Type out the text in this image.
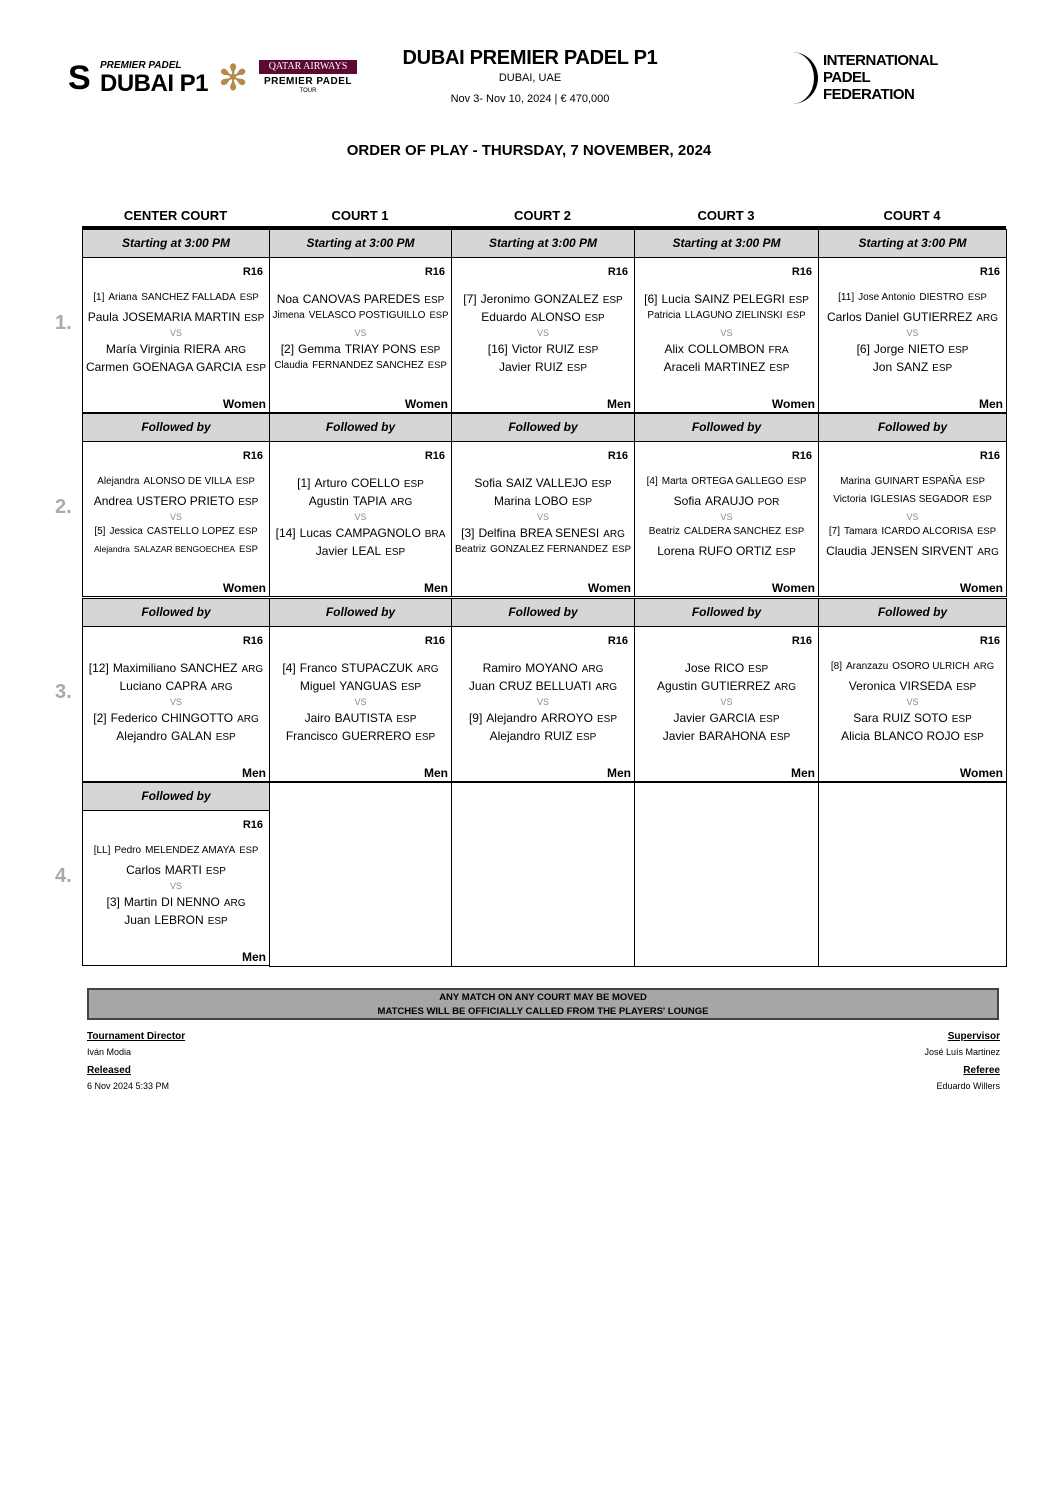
S PREMIER PADEL
DUBAI P1 ✻	QATAR AIRWAYS
PREMIER PADEL
TOUR
DUBAI PREMIER PADEL P1
DUBAI, UAE
Nov 3- Nov 10, 2024 | € 470,000
INTERNATIONAL
PADEL
FEDERATION
ORDER OF PLAY - THURSDAY, 7 NOVEMBER, 2024
CENTER COURT	COURT 1	COURT 2	COURT 3	COURT 4
1.
Starting at 3:00 PM
R16
[1] Ariana SANCHEZ FALLADA ESP
Paula JOSEMARIA MARTIN ESP
María Virginia RIERA ARG
Carmen GOENAGA GARCIA ESP
VS
Women
Starting at 3:00 PM
R16
Noa CANOVAS PAREDES ESP
Jimena VELASCO POSTIGUILLO ESP
[2] Gemma TRIAY PONS ESP
Claudia FERNANDEZ SANCHEZ ESP
VS
Women
Starting at 3:00 PM
R16
[7] Jeronimo GONZALEZ ESP
Eduardo ALONSO ESP
[16] Victor RUIZ ESP
Javier RUIZ ESP
VS
Men
Starting at 3:00 PM
R16
[6] Lucia SAINZ PELEGRI ESP
Patricia LLAGUNO ZIELINSKI ESP
Alix COLLOMBON FRA
Araceli MARTINEZ ESP
VS
Women
Starting at 3:00 PM
R16
[11] Jose Antonio DIESTRO ESP
Carlos Daniel GUTIERREZ ARG
[6] Jorge NIETO ESP
Jon SANZ ESP
VS
Men
2.
Followed by
R16
Alejandra ALONSO DE VILLA ESP
Andrea USTERO PRIETO ESP
[5] Jessica CASTELLO LOPEZ ESP
Alejandra SALAZAR BENGOECHEA ESP
VS
Women
Followed by
R16
[1] Arturo COELLO ESP
Agustin TAPIA ARG
[14] Lucas CAMPAGNOLO BRA
Javier LEAL ESP
VS
Men
Followed by
R16
Sofia SAIZ VALLEJO ESP
Marina LOBO ESP
[3] Delfina BREA SENESI ARG
Beatriz GONZALEZ FERNANDEZ ESP
VS
Women
Followed by
R16
[4] Marta ORTEGA GALLEGO ESP
Sofia ARAUJO POR
Beatriz CALDERA SANCHEZ ESP
Lorena RUFO ORTIZ ESP
VS
Women
Followed by
R16
Marina GUINART ESPAÑA ESP
Victoria IGLESIAS SEGADOR ESP
[7] Tamara ICARDO ALCORISA ESP
Claudia JENSEN SIRVENT ARG
VS
Women
3.
Followed by
R16
[12] Maximiliano SANCHEZ ARG
Luciano CAPRA ARG
[2] Federico CHINGOTTO ARG
Alejandro GALAN ESP
VS
Men
Followed by
R16
[4] Franco STUPACZUK ARG
Miguel YANGUAS ESP
Jairo BAUTISTA ESP
Francisco GUERRERO ESP
VS
Men
Followed by
R16
Ramiro MOYANO ARG
Juan CRUZ BELLUATI ARG
[9] Alejandro ARROYO ESP
Alejandro RUIZ ESP
VS
Men
Followed by
R16
Jose RICO ESP
Agustin GUTIERREZ ARG
Javier GARCIA ESP
Javier BARAHONA ESP
VS
Men
Followed by
R16
[8] Aranzazu OSORO ULRICH ARG
Veronica VIRSEDA ESP
Sara RUIZ SOTO ESP
Alicia BLANCO ROJO ESP
VS
Women
4.
Followed by
R16
[LL] Pedro MELENDEZ AMAYA ESP
Carlos MARTI ESP
[3] Martin DI NENNO ARG
Juan LEBRON ESP
VS
Men
ANY MATCH ON ANY COURT MAY BE MOVED
MATCHES WILL BE OFFICIALLY CALLED FROM THE PLAYERS' LOUNGE
Tournament Director
Iván Modia
Released
6 Nov 2024 5:33 PM
Supervisor
José Luís Martinez
Referee
Eduardo Willers
